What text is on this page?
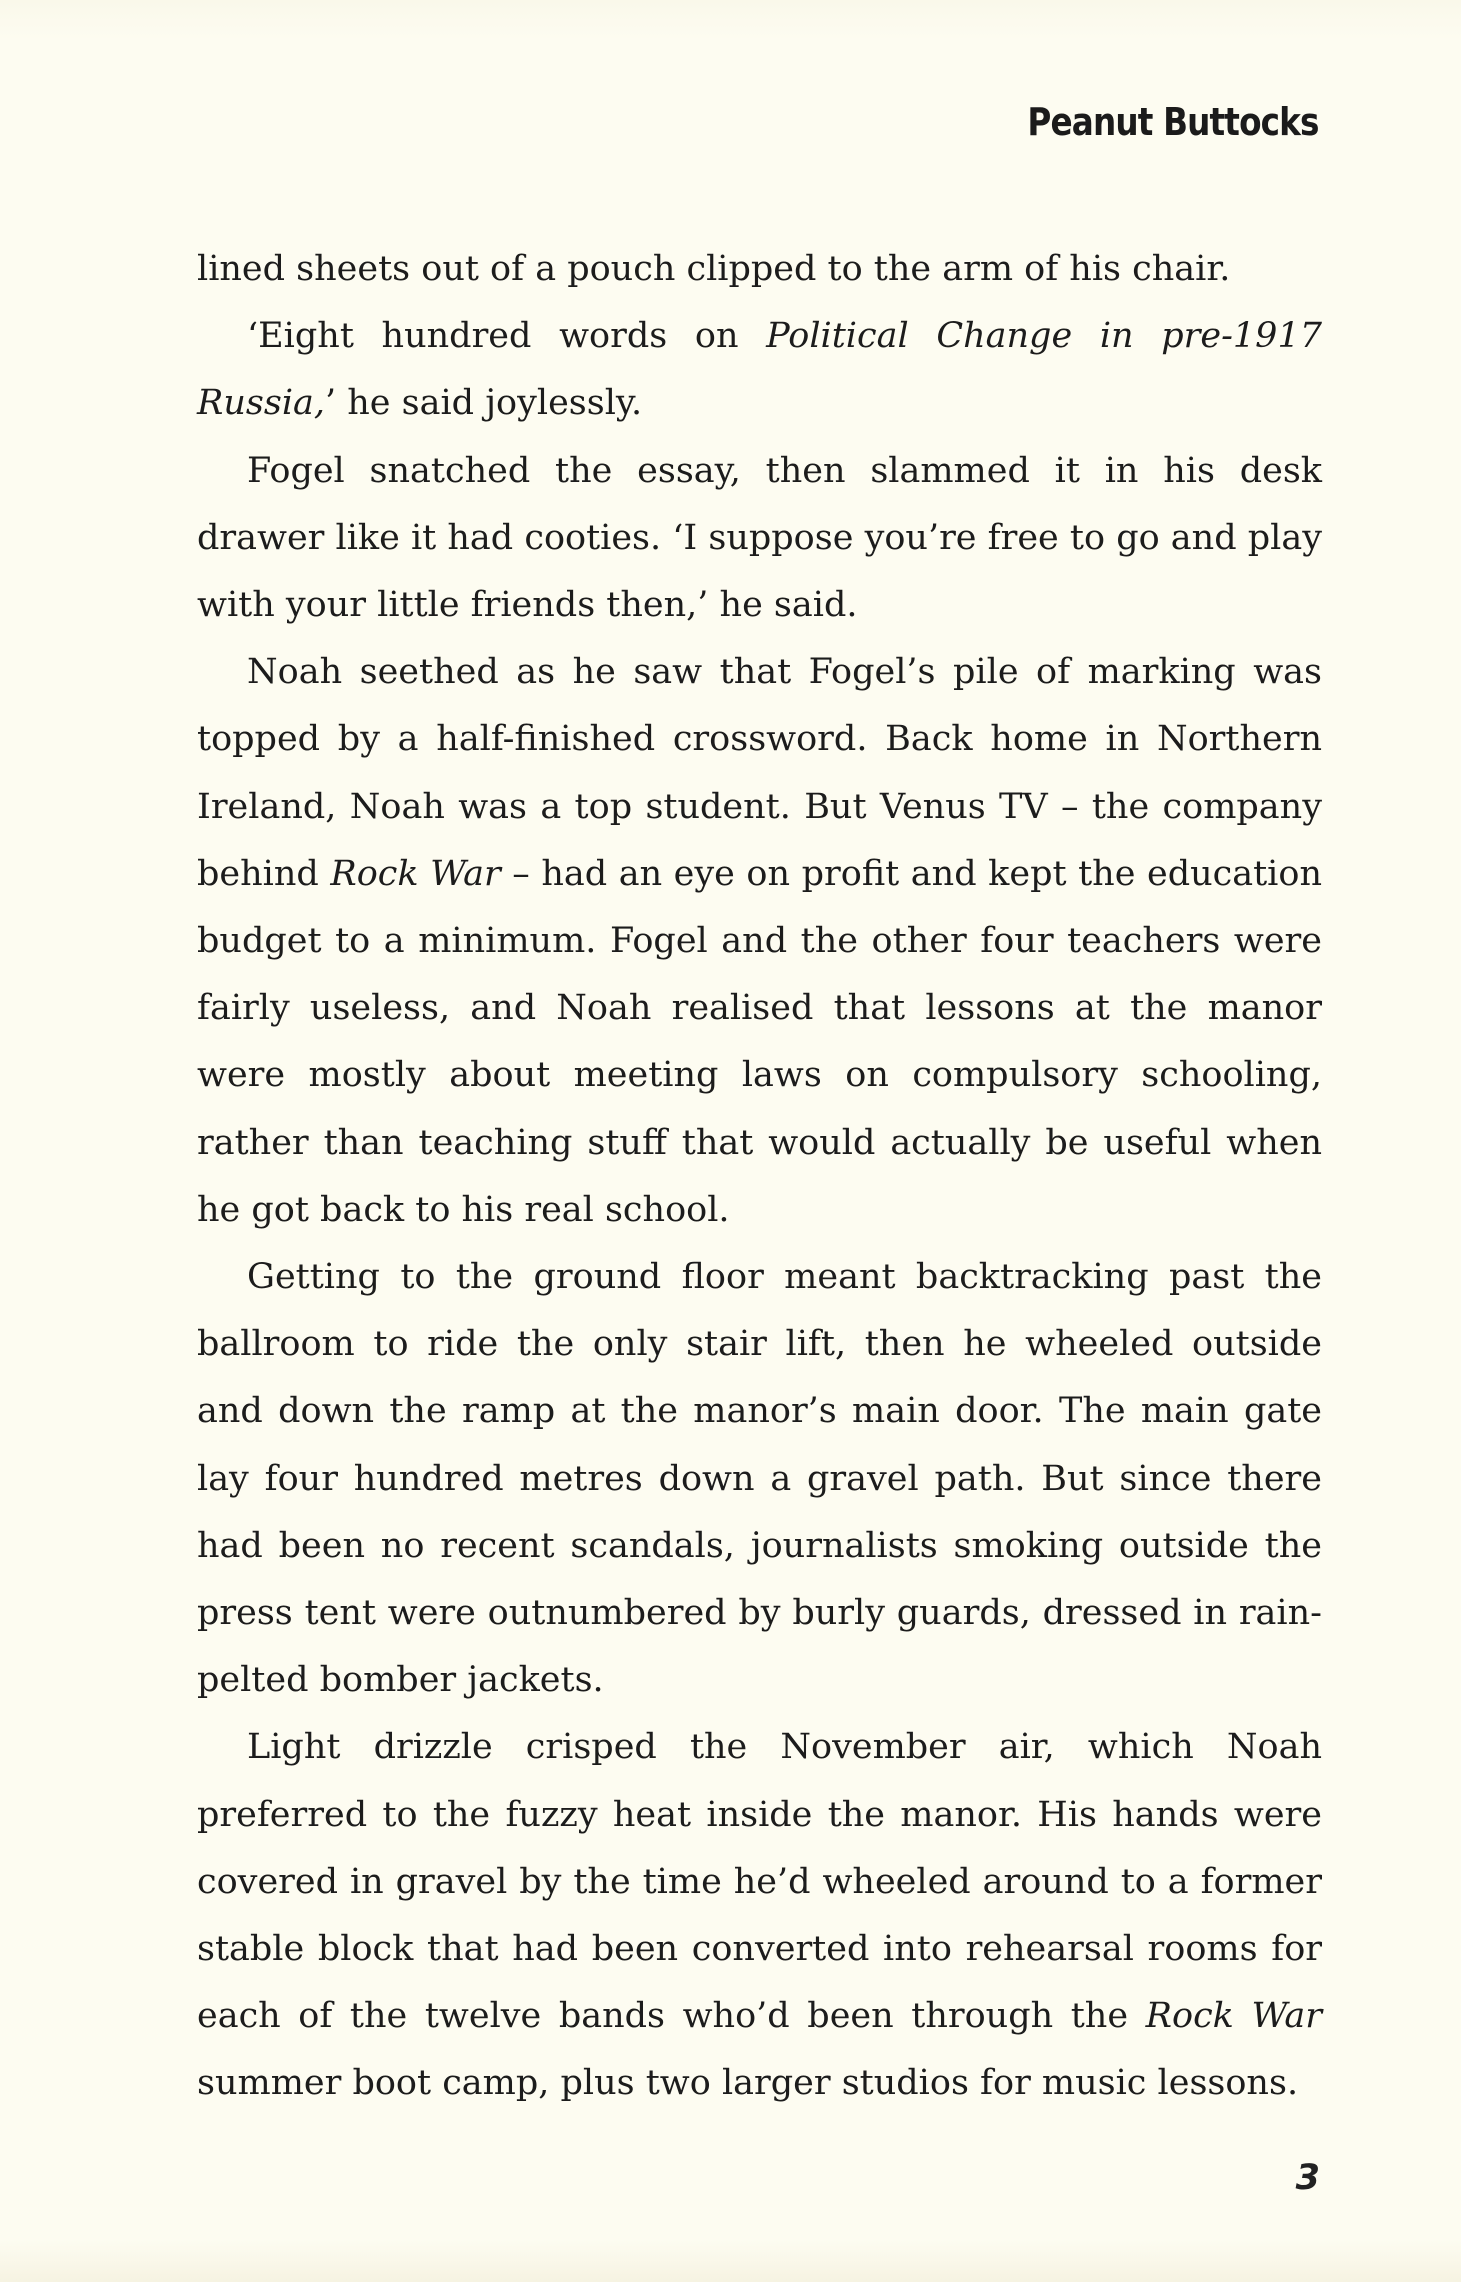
Peanut Buttocks

lined sheets out of a pouch clipped to the arm of his chair.

‘Eight hundred words on Political Change in pre-1917 Russia,’ he said joylessly.

Fogel snatched the essay, then slammed it in his desk drawer like it had cooties. ‘I suppose you’re free to go and play with your little friends then,’ he said.

Noah seethed as he saw that Fogel’s pile of marking was topped by a half-finished crossword. Back home in Northern Ireland, Noah was a top student. But Venus TV – the company behind Rock War – had an eye on profit and kept the education budget to a minimum. Fogel and the other four teachers were fairly useless, and Noah realised that lessons at the manor were mostly about meeting laws on compulsory schooling, rather than teaching stuff that would actually be useful when he got back to his real school.

Getting to the ground floor meant backtracking past the ballroom to ride the only stair lift, then he wheeled outside and down the ramp at the manor’s main door. The main gate lay four hundred metres down a gravel path. But since there had been no recent scandals, journalists smoking outside the press tent were outnumbered by burly guards, dressed in rain-pelted bomber jackets.

Light drizzle crisped the November air, which Noah preferred to the fuzzy heat inside the manor. His hands were covered in gravel by the time he’d wheeled around to a former stable block that had been converted into rehearsal rooms for each of the twelve bands who’d been through the Rock War summer boot camp, plus two larger studios for music lessons.

3
